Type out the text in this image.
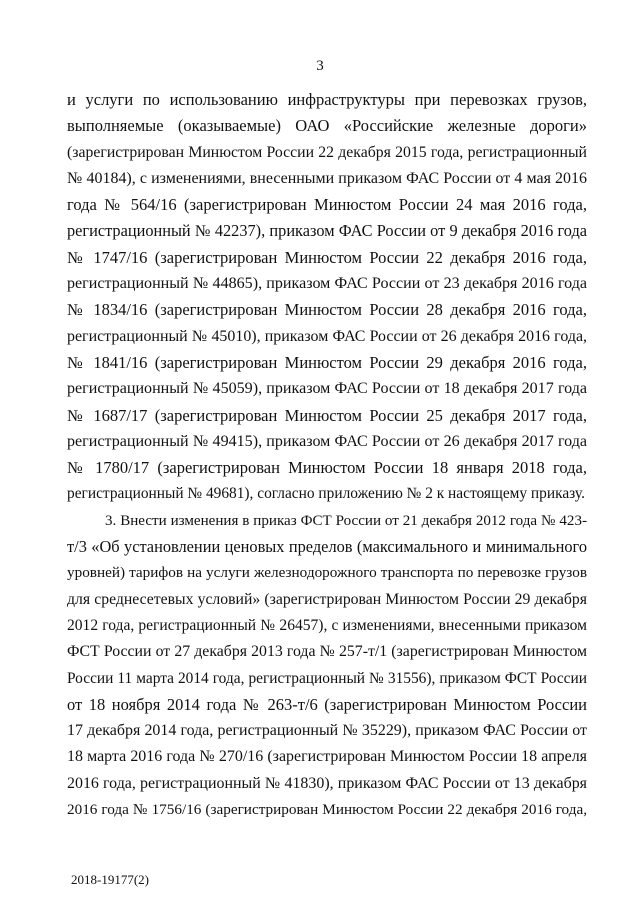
3
и услуги по использованию инфраструктуры при перевозках грузов,
выполняемые (оказываемые) ОАО «Российские железные дороги»
(зарегистрирован Минюстом России 22 декабря 2015 года, регистрационный
№ 40184), с изменениями, внесенными приказом ФАС России от 4 мая 2016
года № 564/16 (зарегистрирован Минюстом России 24 мая 2016 года,
регистрационный № 42237), приказом ФАС России от 9 декабря 2016 года
№ 1747/16 (зарегистрирован Минюстом России 22 декабря 2016 года,
регистрационный № 44865), приказом ФАС России от 23 декабря 2016 года
№ 1834/16 (зарегистрирован Минюстом России 28 декабря 2016 года,
регистрационный № 45010), приказом ФАС России от 26 декабря 2016 года,
№ 1841/16 (зарегистрирован Минюстом России 29 декабря 2016 года,
регистрационный № 45059), приказом ФАС России от 18 декабря 2017 года
№ 1687/17 (зарегистрирован Минюстом России 25 декабря 2017 года,
регистрационный № 49415), приказом ФАС России от 26 декабря 2017 года
№ 1780/17 (зарегистрирован Минюстом России 18 января 2018 года,
регистрационный № 49681), согласно приложению № 2 к настоящему приказу.
3. Внести изменения в приказ ФСТ России от 21 декабря 2012 года № 423-
т/3 «Об установлении ценовых пределов (максимального и минимального
уровней) тарифов на услуги железнодорожного транспорта по перевозке грузов
для среднесетевых условий» (зарегистрирован Минюстом России 29 декабря
2012 года, регистрационный № 26457), с изменениями, внесенными приказом
ФСТ России от 27 декабря 2013 года № 257-т/1 (зарегистрирован Минюстом
России 11 марта 2014 года, регистрационный № 31556), приказом ФСТ России
от 18 ноября 2014 года № 263-т/6 (зарегистрирован Минюстом России
17 декабря 2014 года, регистрационный № 35229), приказом ФАС России от
18 марта 2016 года № 270/16 (зарегистрирован Минюстом России 18 апреля
2016 года, регистрационный № 41830), приказом ФАС России от 13 декабря
2016 года № 1756/16 (зарегистрирован Минюстом России 22 декабря 2016 года,
2018-19177(2)
